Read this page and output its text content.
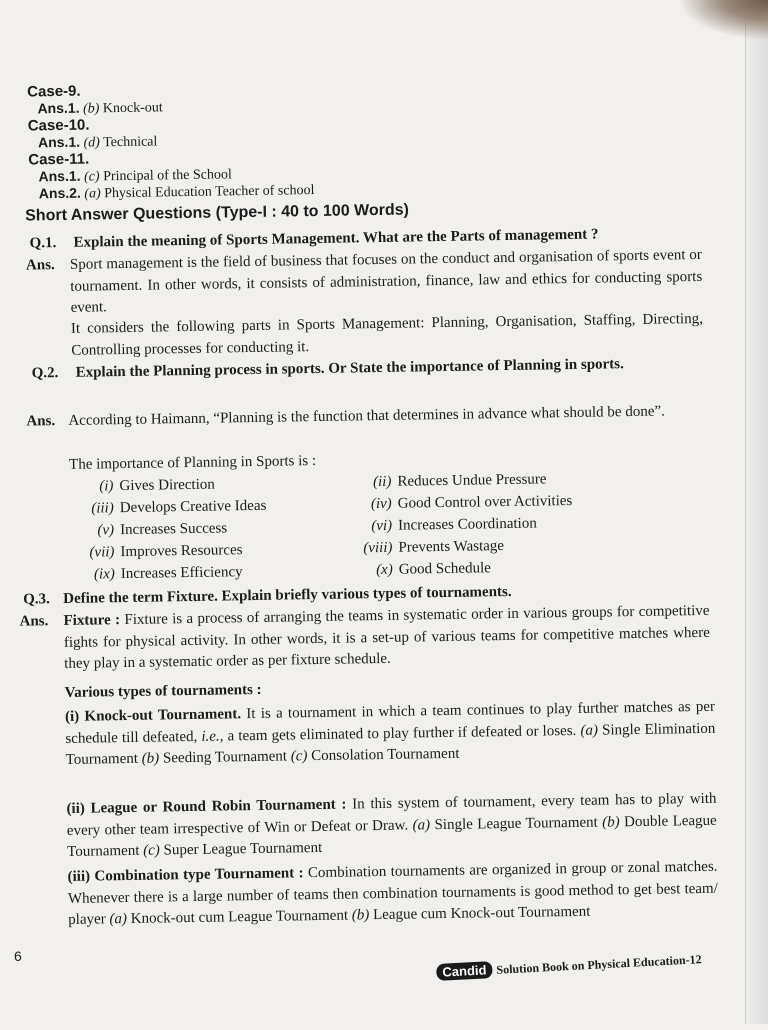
Case-9.
Ans.1. (b) Knock-out
Case-10.
Ans.1. (d) Technical
Case-11.
Ans.1. (c) Principal of the School
Ans.2. (a) Physical Education Teacher of school
Short Answer Questions (Type-I : 40 to 100 Words)
Q.1. Explain the meaning of Sports Management. What are the Parts of management ?
Ans. Sport management is the field of business that focuses on the conduct and organisation of sports event or tournament. In other words, it consists of administration, finance, law and ethics for conducting sports event.
It considers the following parts in Sports Management: Planning, Organisation, Staffing, Directing, Controlling processes for conducting it.
Q.2. Explain the Planning process in sports. Or State the importance of Planning in sports.
Ans. According to Haimann, “Planning is the function that determines in advance what should be done”.
The importance of Planning in Sports is :
(i) Gives Direction	(ii) Reduces Undue Pressure
(iii) Develops Creative Ideas	(iv) Good Control over Activities
(v) Increases Success	(vi) Increases Coordination
(vii) Improves Resources	(viii) Prevents Wastage
(ix) Increases Efficiency	(x) Good Schedule
Q.3. Define the term Fixture. Explain briefly various types of tournaments.
Ans. Fixture : Fixture is a process of arranging the teams in systematic order in various groups for competitive fights for physical activity. In other words, it is a set-up of various teams for competitive matches where they play in a systematic order as per fixture schedule.
Various types of tournaments :
(i) Knock-out Tournament. It is a tournament in which a team continues to play further matches as per schedule till defeated, i.e., a team gets eliminated to play further if defeated or loses. (a) Single Elimination Tournament (b) Seeding Tournament (c) Consolation Tournament
(ii) League or Round Robin Tournament : In this system of tournament, every team has to play with every other team irrespective of Win or Defeat or Draw. (a) Single League Tournament (b) Double League Tournament (c) Super League Tournament
(iii) Combination type Tournament : Combination tournaments are organized in group or zonal matches. Whenever there is a large number of teams then combination tournaments is good method to get best team/ player (a) Knock-out cum League Tournament (b) League cum Knock-out Tournament
6
Candid Solution Book on Physical Education-12
